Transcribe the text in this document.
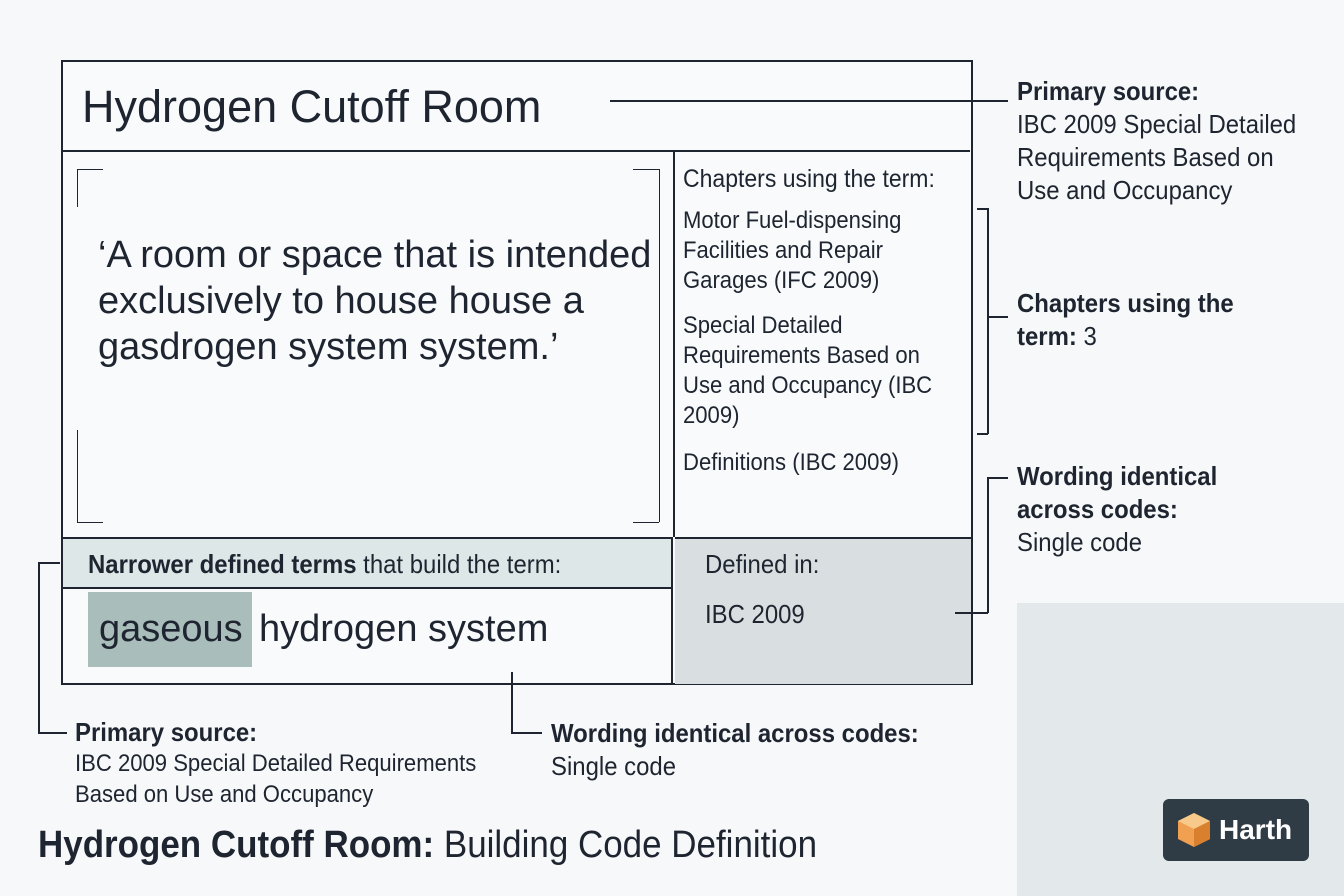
Hydrogen Cutoff Room
‘A room or space that is intended exclusively to house house a gasdrogen system system.’
Chapters using the term:
Motor Fuel-dispensing Facilities and Repair Garages (IFC 2009)
Special Detailed Requirements Based on Use and Occupancy (IBC 2009)
Definitions (IBC 2009)
Narrower defined terms that build the term:
gaseous hydrogen system
Defined in:
IBC 2009
Primary source:
IBC 2009 Special Detailed
Requirements Based on
Use and Occupancy
Chapters using the
term: 3
Wording identical
across codes:
Single code
Primary source:
IBC 2009 Special Detailed Requirements
Based on Use and Occupancy
Wording identical across codes:
Single code
Hydrogen Cutoff Room: Building Code Definition	Harth
